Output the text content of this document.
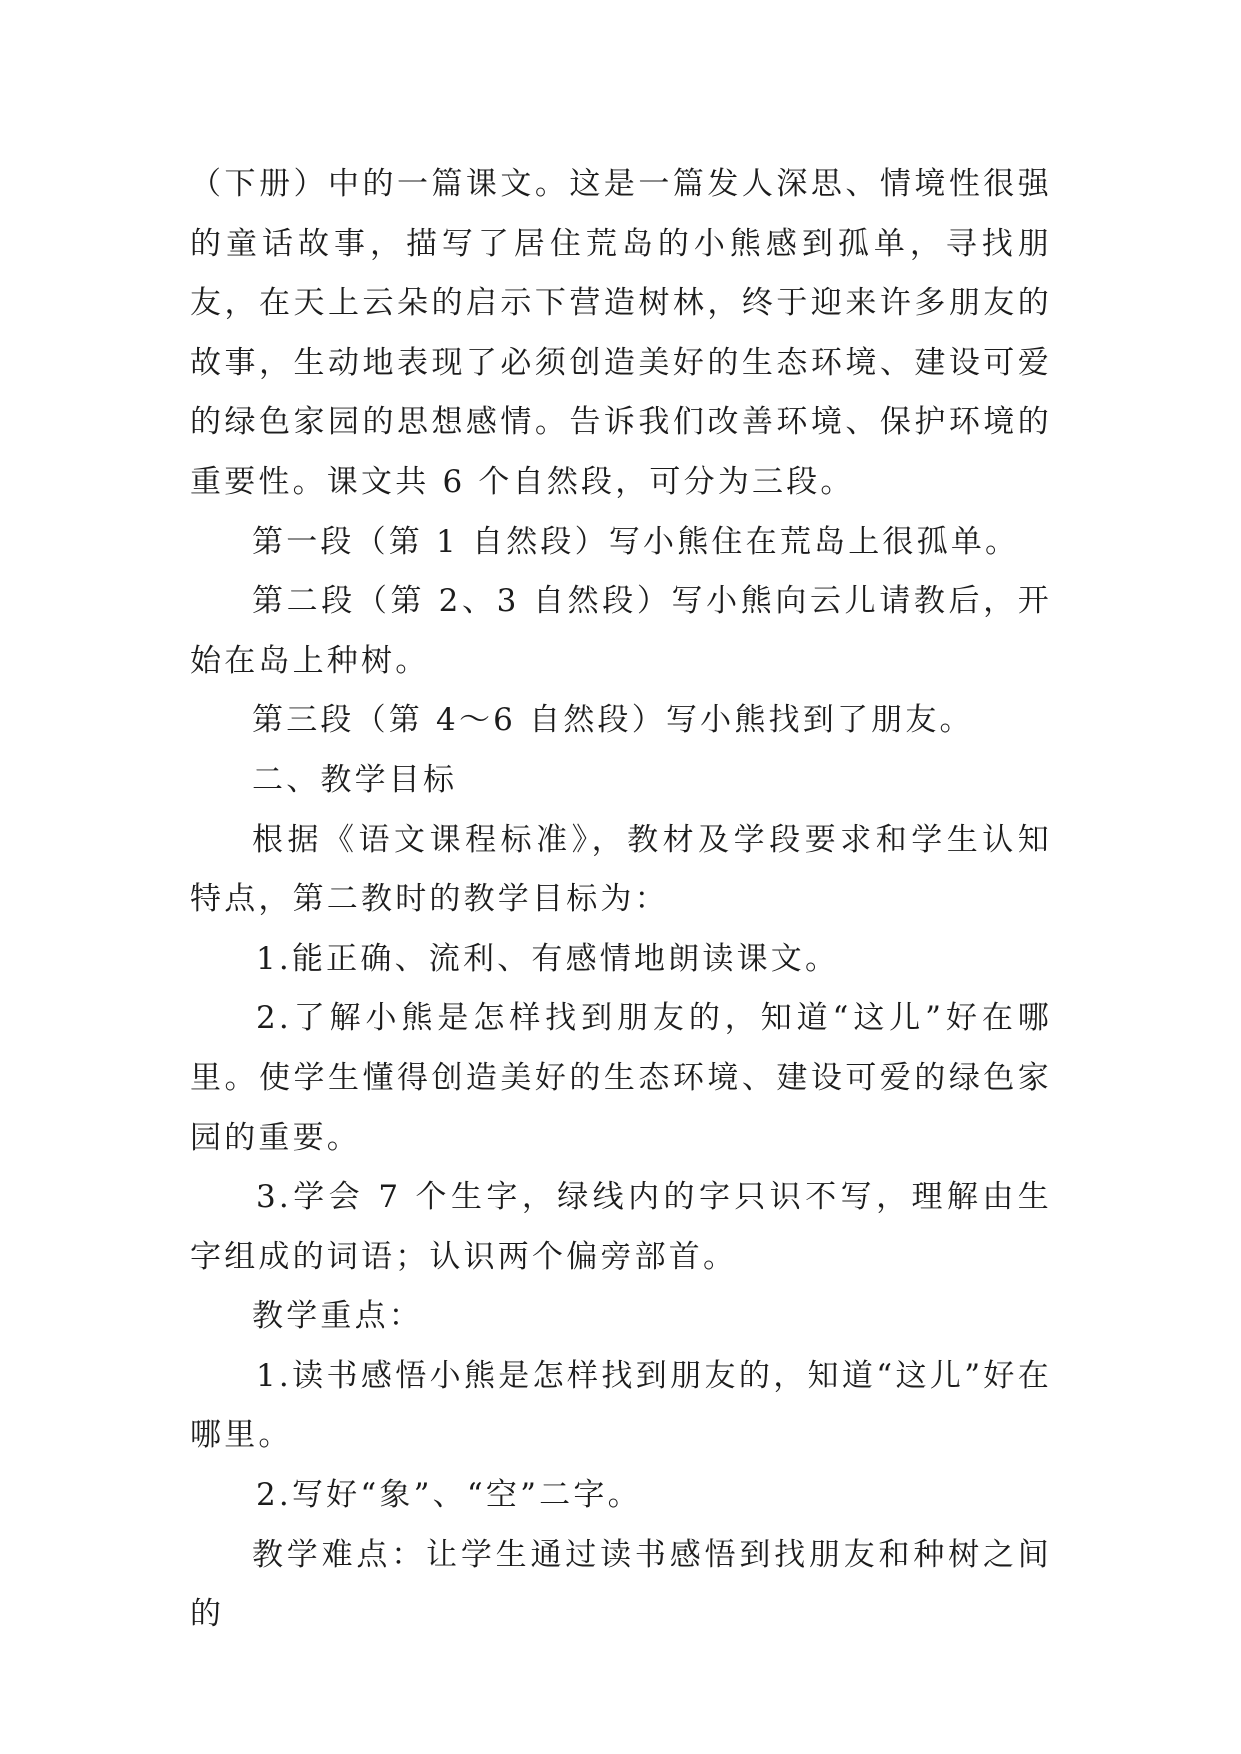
（下册）中的一篇课文。这是一篇发人深思、情境性很强的童话故事，描写了居住荒岛的小熊感到孤单，寻找朋友，在天上云朵的启示下营造树林，终于迎来许多朋友的故事，生动地表现了必须创造美好的生态环境、建设可爱的绿色家园的思想感情。告诉我们改善环境、保护环境的重要性。课文共 6 个自然段，可分为三段。

第一段（第 1 自然段）写小熊住在荒岛上很孤单。

第二段（第 2、3 自然段）写小熊向云儿请教后，开始在岛上种树。

第三段（第 4～6 自然段）写小熊找到了朋友。

二、教学目标

根据《语文课程标准》，教材及学段要求和学生认知特点，第二教时的教学目标为：

1.能正确、流利、有感情地朗读课文。

2.了解小熊是怎样找到朋友的，知道“这儿”好在哪里。使学生懂得创造美好的生态环境、建设可爱的绿色家园的重要。

3.学会 7 个生字，绿线内的字只识不写，理解由生字组成的词语；认识两个偏旁部首。

教学重点：

1.读书感悟小熊是怎样找到朋友的，知道“这儿”好在哪里。

2.写好“象”、“空”二字。

教学难点：让学生通过读书感悟到找朋友和种树之间的
